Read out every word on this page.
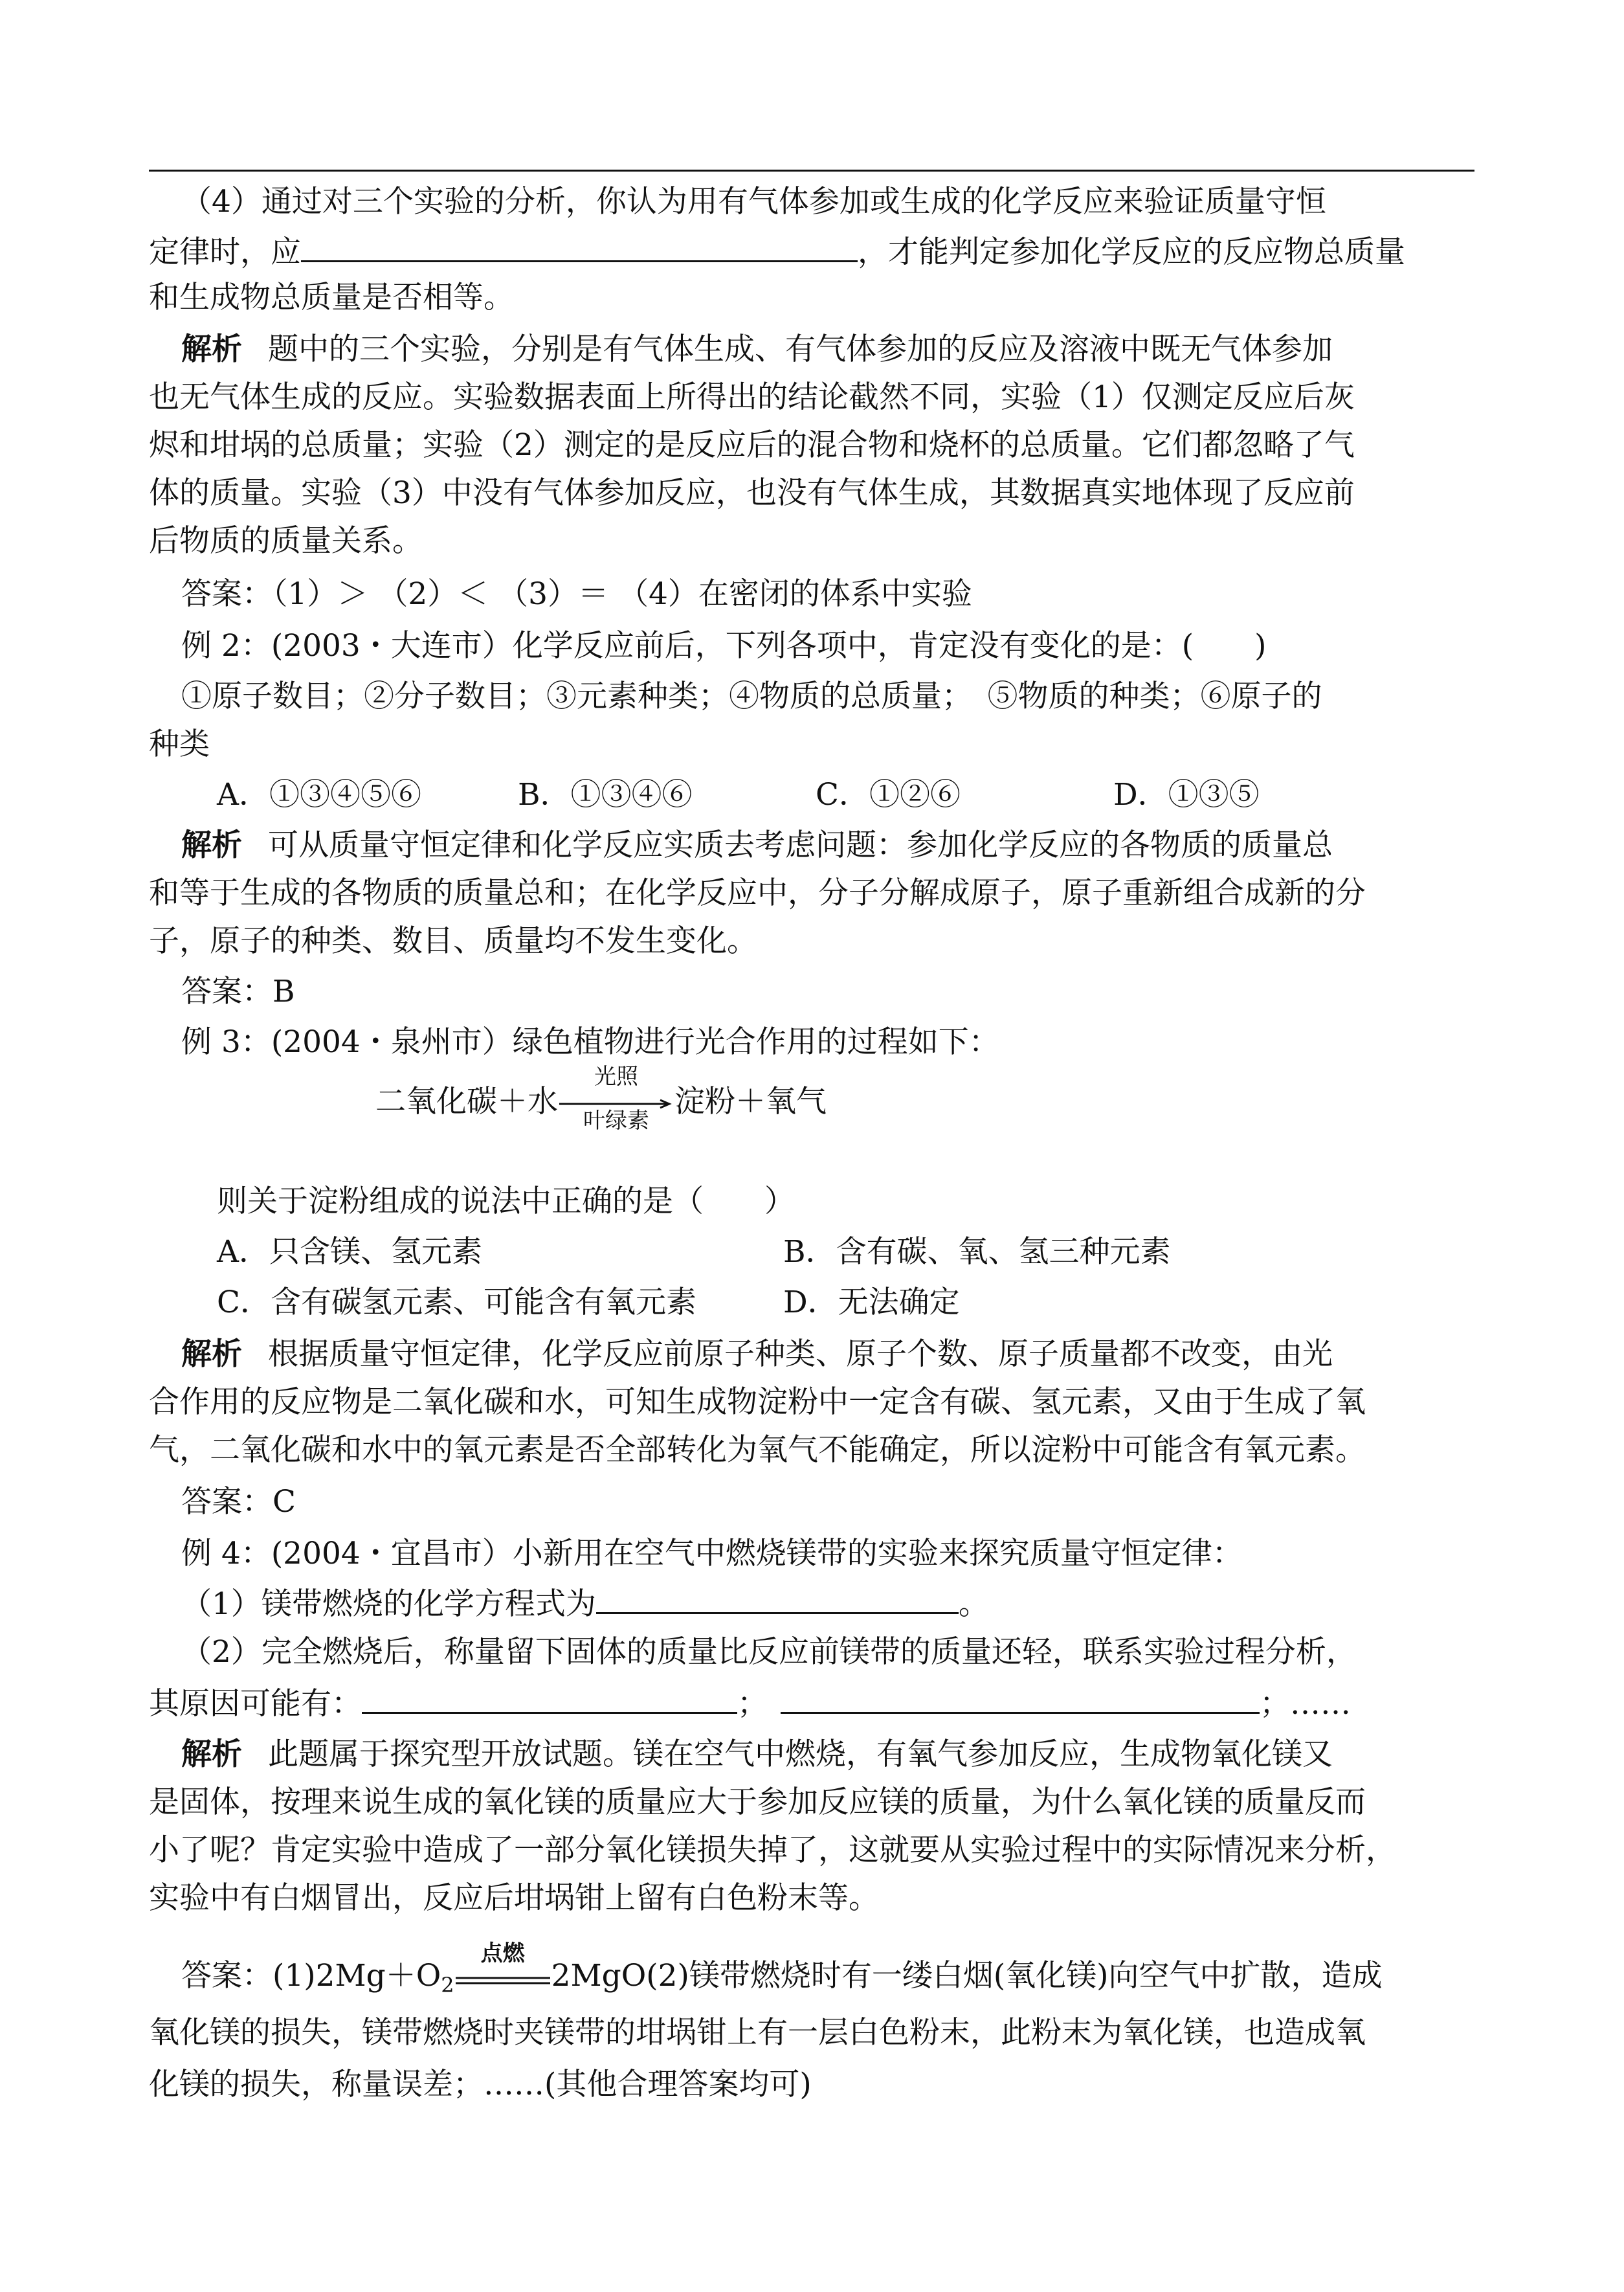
（4）通过对三个实验的分析，你认为用有气体参加或生成的化学反应来验证质量守恒
定律时，应	，才能判定参加化学反应的反应物总质量
和生成物总质量是否相等。
解析 题中的三个实验，分别是有气体生成、有气体参加的反应及溶液中既无气体参加
也无气体生成的反应。实验数据表面上所得出的结论截然不同，实验（1）仅测定反应后灰
烬和坩埚的总质量；实验（2）测定的是反应后的混合物和烧杯的总质量。它们都忽略了气
体的质量。实验（3）中没有气体参加反应，也没有气体生成，其数据真实地体现了反应前
后物质的质量关系。
答案：（1）＞ （2）＜ （3）＝ （4）在密闭的体系中实验
例 2：(2003・大连市）化学反应前后，下列各项中，肯定没有变化的是：(　　)
①原子数目；②分子数目；③元素种类；④物质的总质量；　⑤物质的种类；⑥原子的
种类
A．①③④⑤⑥	B．①③④⑥	C．①②⑥	D．①③⑤
解析 可从质量守恒定律和化学反应实质去考虑问题：参加化学反应的各物质的质量总
和等于生成的各物质的质量总和；在化学反应中，分子分解成原子，原子重新组合成新的分
子，原子的种类、数目、质量均不发生变化。
答案：B
例 3：(2004・泉州市）绿色植物进行光合作用的过程如下：
二氧化碳＋水
光照
叶绿素
淀粉＋氧气
则关于淀粉组成的说法中正确的是（　　）
A．只含镁、氢元素	B．含有碳、氧、氢三种元素
C．含有碳氢元素、可能含有氧元素	D．无法确定
解析 根据质量守恒定律，化学反应前原子种类、原子个数、原子质量都不改变，由光
合作用的反应物是二氧化碳和水，可知生成物淀粉中一定含有碳、氢元素，又由于生成了氧
气，二氧化碳和水中的氧元素是否全部转化为氧气不能确定，所以淀粉中可能含有氧元素。
答案：C
例 4：(2004・宜昌市）小新用在空气中燃烧镁带的实验来探究质量守恒定律：
（1）镁带燃烧的化学方程式为	。
（2）完全燃烧后，称量留下固体的质量比反应前镁带的质量还轻，联系实验过程分析，
其原因可能有：	；	；……
解析 此题属于探究型开放试题。镁在空气中燃烧，有氧气参加反应，生成物氧化镁又
是固体，按理来说生成的氧化镁的质量应大于参加反应镁的质量，为什么氧化镁的质量反而
小了呢？肯定实验中造成了一部分氧化镁损失掉了，这就要从实验过程中的实际情况来分析，
实验中有白烟冒出，反应后坩埚钳上留有白色粉末等。
答案：$(1)2Mg+O_2$
点燃
2MgO(2)镁带燃烧时有一缕白烟(氧化镁)向空气中扩散，造成
氧化镁的损失，镁带燃烧时夹镁带的坩埚钳上有一层白色粉末，此粉末为氧化镁，也造成氧
化镁的损失，称量误差；……(其他合理答案均可)
